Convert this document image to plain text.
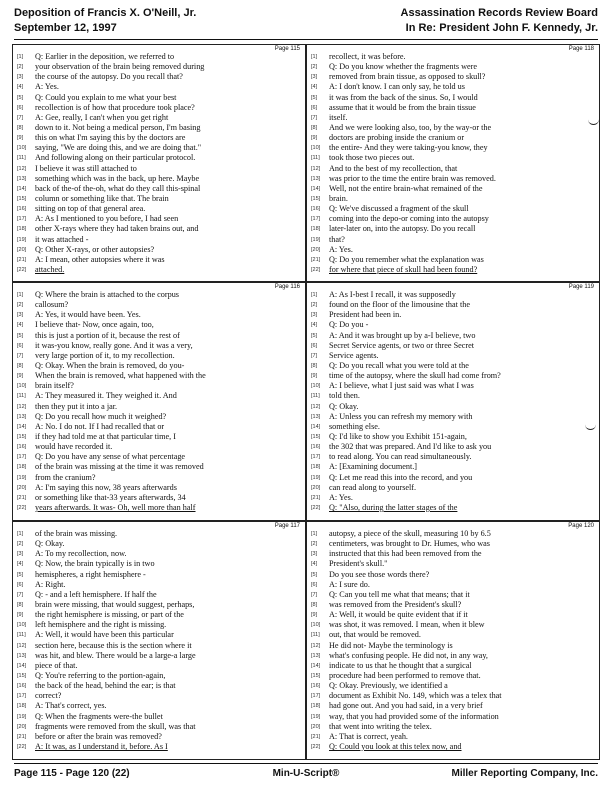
Deposition of Francis X. O'Neill, Jr.
September 12, 1997
Assassination Records Review Board
In Re: President John F. Kennedy, Jr.
Page 115
[1]	Q: Earlier in the deposition, we referred to
[2]	your observation of the brain being removed during
[3]	the course of the autopsy. Do you recall that?
[4]	A: Yes.
[5]	Q: Could you explain to me what your best
[6]	recollection is of how that procedure took place?
[7]	A: Gee, really, I can't when you get right
[8]	down to it. Not being a medical person, I'm basing
[9]	this on what I'm saying this by the doctors are
[10]	saying, "We are doing this, and we are doing that."
[11]	And following along on their particular protocol.
[12]	I believe it was still attached to
[13]	something which was in the back, up here. Maybe
[14]	back of the-of the-oh, what do they call this-spinal
[15]	column or something like that. The brain
[16]	sitting on top of that general area.
[17]	A: As I mentioned to you before, I had seen
[18]	other X-rays where they had taken brains out, and
[19]	it was attached -
[20]	Q: Other X-rays, or other autopsies?
[21]	A: I mean, other autopsies where it was
[22]	attached.
Page 118
[1]	recollect, it was before.
[2]	Q: Do you know whether the fragments were
[3]	removed from brain tissue, as opposed to skull?
[4]	A: I don't know. I can only say, he told us
[5]	it was from the back of the sinus. So, I would
[6]	assume that it would be from the brain tissue
[7]	itself.
[8]	And we were looking also, too, by the way-or the
[9]	doctors are probing inside the cranium or
[10]	the entire- And they were taking-you know, they
[11]	took those two pieces out.
[12]	And to the best of my recollection, that
[13]	was prior to the time the entire brain was removed.
[14]	Well, not the entire brain-what remained of the
[15]	brain.
[16]	Q: We've discussed a fragment of the skull
[17]	coming into the depo-or coming into the autopsy
[18]	later-later on, into the autopsy. Do you recall
[19]	that?
[20]	A: Yes.
[21]	Q: Do you remember what the explanation was
[22]	for where that piece of skull had been found?
Page 116
[1]	Q: Where the brain is attached to the corpus
[2]	callosum?
[3]	A: Yes, it would have been. Yes.
[4]	I believe that- Now, once again, too,
[5]	this is just a portion of it, because the rest of
[6]	it was-you know, really gone. And it was a very,
[7]	very large portion of it, to my recollection.
[8]	Q: Okay. When the brain is removed, do you-
[9]	When the brain is removed, what happened with the
[10]	brain itself?
[11]	A: They measured it. They weighed it. And
[12]	then they put it into a jar.
[13]	Q: Do you recall how much it weighed?
[14]	A: No. I do not. If I had recalled that or
[15]	if they had told me at that particular time, I
[16]	would have recorded it.
[17]	Q: Do you have any sense of what percentage
[18]	of the brain was missing at the time it was removed
[19]	from the cranium?
[20]	A: I'm saying this now, 38 years afterwards
[21]	or something like that-33 years afterwards, 34
[22]	years afterwards. It was- Oh, well more than half
Page 119
[1]	A: As I-best I recall, it was supposedly
[2]	found on the floor of the limousine that the
[3]	President had been in.
[4]	Q: Do you -
[5]	A: And it was brought up by a-I believe, two
[6]	Secret Service agents, or two or three Secret
[7]	Service agents.
[8]	Q: Do you recall what you were told at the
[9]	time of the autopsy, where the skull had come from?
[10]	A: I believe, what I just said was what I was
[11]	told then.
[12]	Q: Okay.
[13]	A: Unless you can refresh my memory with
[14]	something else.
[15]	Q: I'd like to show you Exhibit 151-again,
[16]	the 302 that was prepared. And I'd like to ask you
[17]	to read along. You can read simultaneously.
[18]	A: [Examining document.]
[19]	Q: Let me read this into the record, and you
[20]	can read along to yourself.
[21]	A: Yes.
[22]	Q: "Also, during the latter stages of the
Page 117
[1]	of the brain was missing.
[2]	Q: Okay.
[3]	A: To my recollection, now.
[4]	Q: Now, the brain typically is in two
[5]	hemispheres, a right hemisphere -
[6]	A: Right.
[7]	Q: - and a left hemisphere. If half the
[8]	brain were missing, that would suggest, perhaps,
[9]	the right hemisphere is missing, or part of the
[10]	left hemisphere and the right is missing.
[11]	A: Well, it would have been this particular
[12]	section here, because this is the section where it
[13]	was hit, and blew. There would be a large-a large
[14]	piece of that.
[15]	Q: You're referring to the portion-again,
[16]	the back of the head, behind the ear; is that
[17]	correct?
[18]	A: That's correct, yes.
[19]	Q: When the fragments were-the bullet
[20]	fragments were removed from the skull, was that
[21]	before or after the brain was removed?
[22]	A: It was, as I understand it, before. As I
Page 120
[1]	autopsy, a piece of the skull, measuring 10 by 6.5
[2]	centimeters, was brought to Dr. Humes, who was
[3]	instructed that this had been removed from the
[4]	President's skull."
[5]	Do you see those words there?
[6]	A: I sure do.
[7]	Q: Can you tell me what that means; that it
[8]	was removed from the President's skull?
[9]	A: Well, it would be quite evident that if it
[10]	was shot, it was removed. I mean, when it blew
[11]	out, that would be removed.
[12]	He did not- Maybe the terminology is
[13]	what's confusing people. He did not, in any way,
[14]	indicate to us that he thought that a surgical
[15]	procedure had been performed to remove that.
[16]	Q: Okay. Previously, we identified a
[17]	document as Exhibit No. 149, which was a telex that
[18]	had gone out. And you had said, in a very brief
[19]	way, that you had provided some of the information
[20]	that went into writing the telex.
[21]	A: That is correct, yeah.
[22]	Q: Could you look at this telex now, and
Page 115 - Page 120 (22)	Min-U-Script®	Miller Reporting Company, Inc.
